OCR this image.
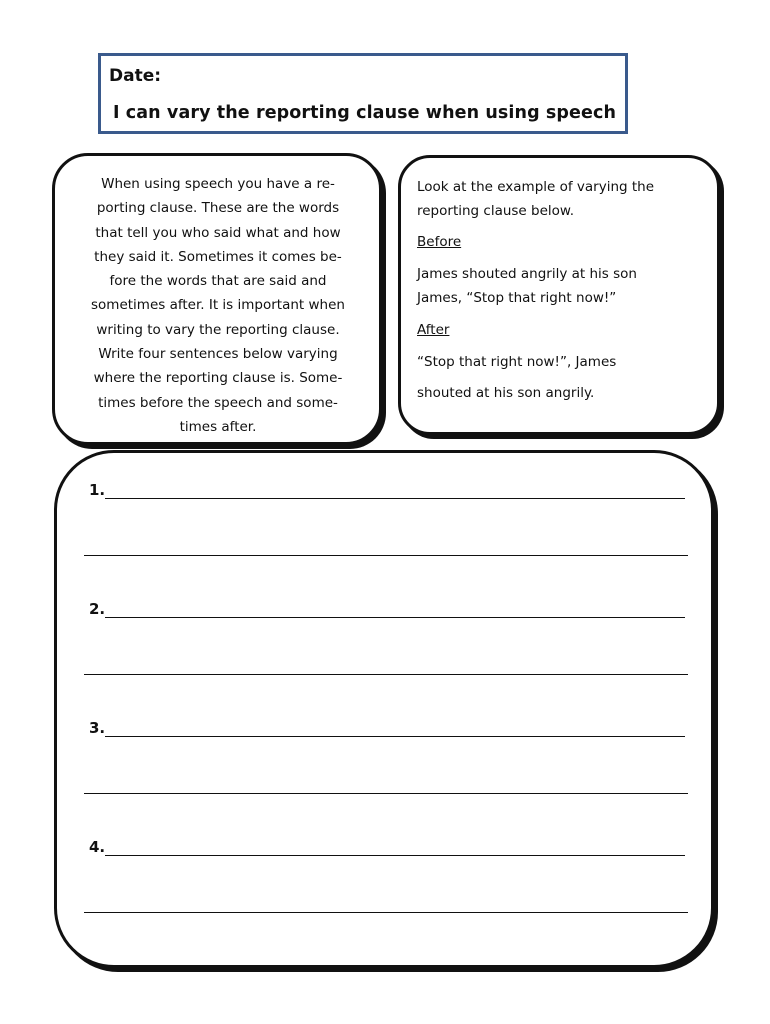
Date:
I can vary the reporting clause when using speech
When using speech you have a re-
porting clause. These are the words
that tell you who said what and how
they said it. Sometimes it comes be-
fore the words that are said and
sometimes after. It is important when
writing to vary the reporting clause.
Write four sentences below varying
where the reporting clause is. Some-
times before the speech and some-
times after.
Look at the example of varying the
reporting clause below.
Before
James shouted angrily at his son
James, “Stop that right now!”
After
“Stop that right now!”, James
shouted at his son angrily.
1.
2.
3.
4.
